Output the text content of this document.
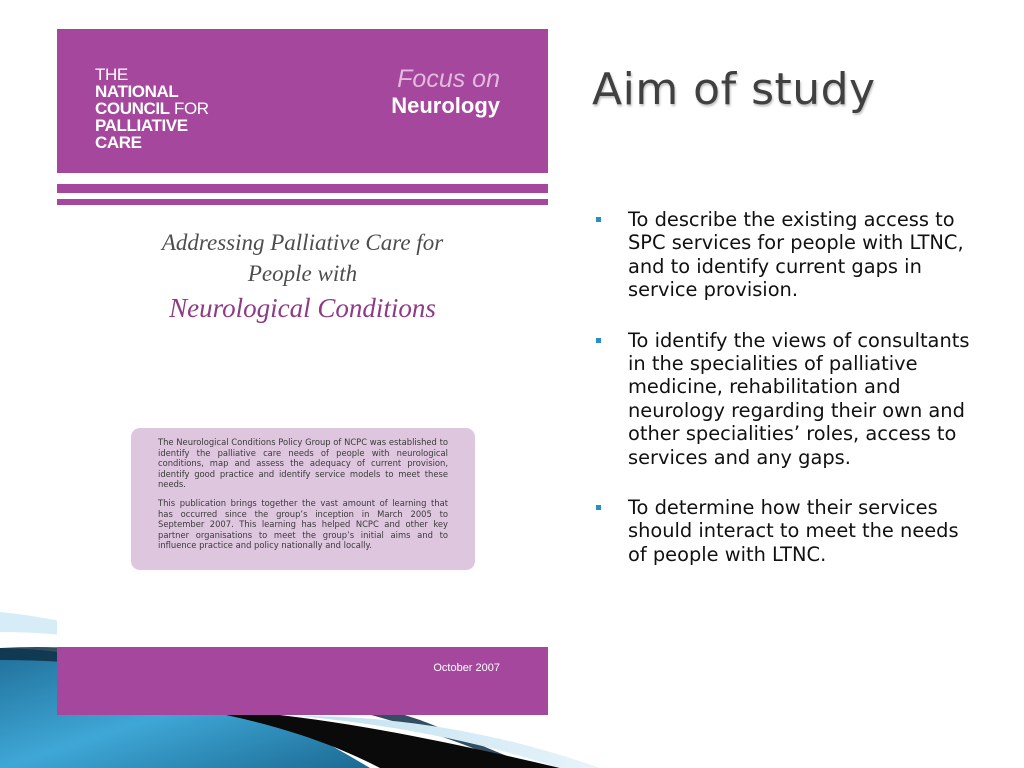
THE
NATIONAL
COUNCIL FOR
PALLIATIVE
CARE
Focus on
Neurology
Addressing Palliative Care for
People with
Neurological Conditions

The Neurological Conditions Policy Group of NCPC was established to identify the palliative care needs of people with neurological conditions, map and assess the adequacy of current provision, identify good practice and identify service models to meet these needs.

This publication brings together the vast amount of learning that has occurred since the group’s inception in March 2005 to September 2007. This learning has helped NCPC and other key partner organisations to meet the group’s initial aims and to influence practice and policy nationally and locally.

October 2007
Aim of study
To describe the existing access to SPC services for people with LTNC, and to identify current gaps in service provision.
To identify the views of consultants in the specialities of palliative medicine, rehabilitation and neurology regarding their own and other specialities’ roles, access to services and any gaps.
To determine how their services should interact to meet the needs of people with LTNC.
